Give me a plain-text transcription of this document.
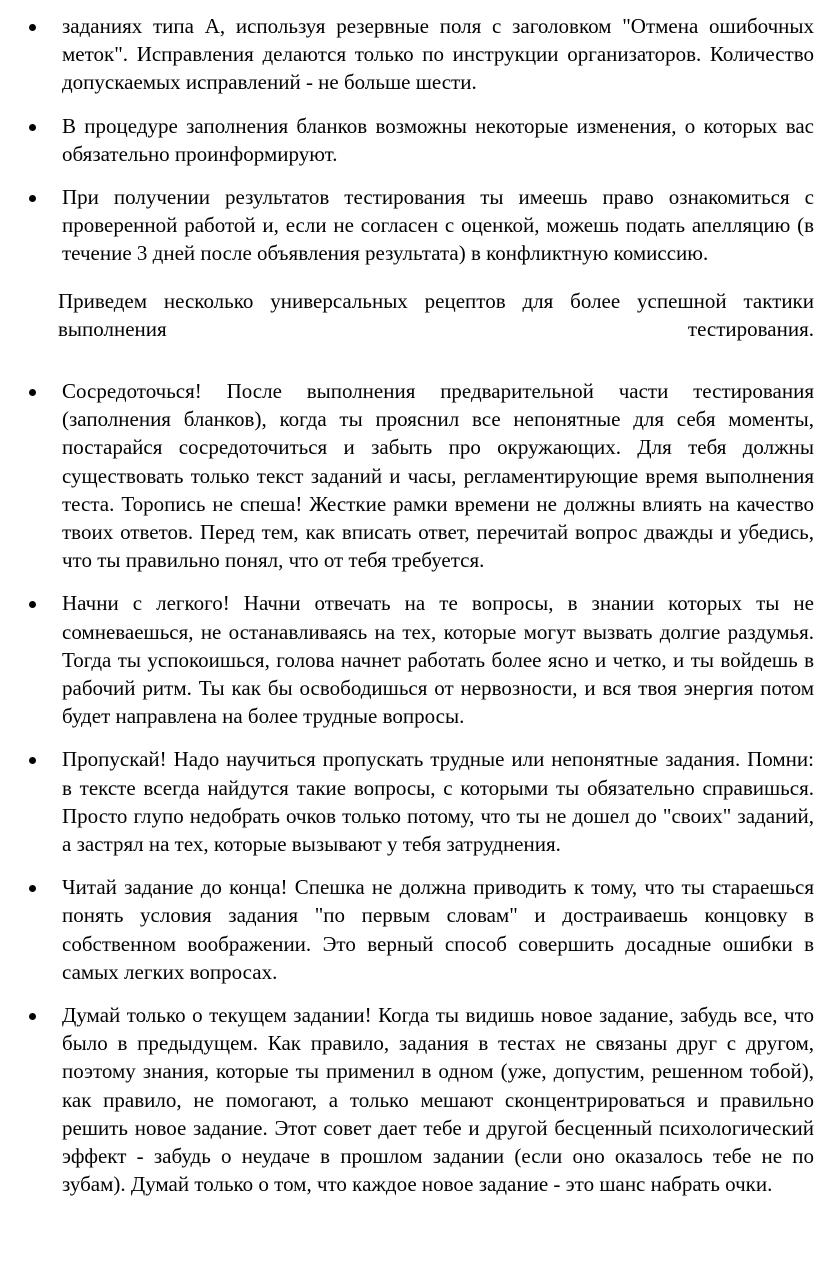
заданиях типа А, используя резервные поля с заголовком "Отмена ошибочных меток". Исправления делаются только по инструкции организаторов. Количество допускаемых исправлений - не больше шести.
В процедуре заполнения бланков возможны некоторые изменения, о которых вас обязательно проинформируют.
При получении результатов тестирования ты имеешь право ознакомиться с проверенной работой и, если не согласен с оценкой, можешь подать апелляцию (в течение 3 дней после объявления результата) в конфликтную комиссию.

Приведем несколько универсальных рецептов для более успешной тактики выполнения тестирования.

Сосредоточься! После выполнения предварительной части тестирования (заполнения бланков), когда ты прояснил все непонятные для себя моменты, постарайся сосредоточиться и забыть про окружающих. Для тебя должны существовать только текст заданий и часы, регламентирующие время выполнения теста. Торопись не спеша! Жесткие рамки времени не должны влиять на качество твоих ответов. Перед тем, как вписать ответ, перечитай вопрос дважды и убедись, что ты правильно понял, что от тебя требуется.
Начни с легкого! Начни отвечать на те вопросы, в знании которых ты не сомневаешься, не останавливаясь на тех, которые могут вызвать долгие раздумья. Тогда ты успокоишься, голова начнет работать более ясно и четко, и ты войдешь в рабочий ритм. Ты как бы освободишься от нервозности, и вся твоя энергия потом будет направлена на более трудные вопросы.
Пропускай! Надо научиться пропускать трудные или непонятные задания. Помни: в тексте всегда найдутся такие вопросы, с которыми ты обязательно справишься. Просто глупо недобрать очков только потому, что ты не дошел до "своих" заданий, а застрял на тех, которые вызывают у тебя затруднения.
Читай задание до конца! Спешка не должна приводить к тому, что ты стараешься понять условия задания "по первым словам" и достраиваешь концовку в собственном воображении. Это верный способ совершить досадные ошибки в самых легких вопросах.
Думай только о текущем задании! Когда ты видишь новое задание, забудь все, что было в предыдущем. Как правило, задания в тестах не связаны друг с другом, поэтому знания, которые ты применил в одном (уже, допустим, решенном тобой), как правило, не помогают, а только мешают сконцентрироваться и правильно решить новое задание. Этот совет дает тебе и другой бесценный психологический эффект - забудь о неудаче в прошлом задании (если оно оказалось тебе не по зубам). Думай только о том, что каждое новое задание - это шанс набрать очки.
